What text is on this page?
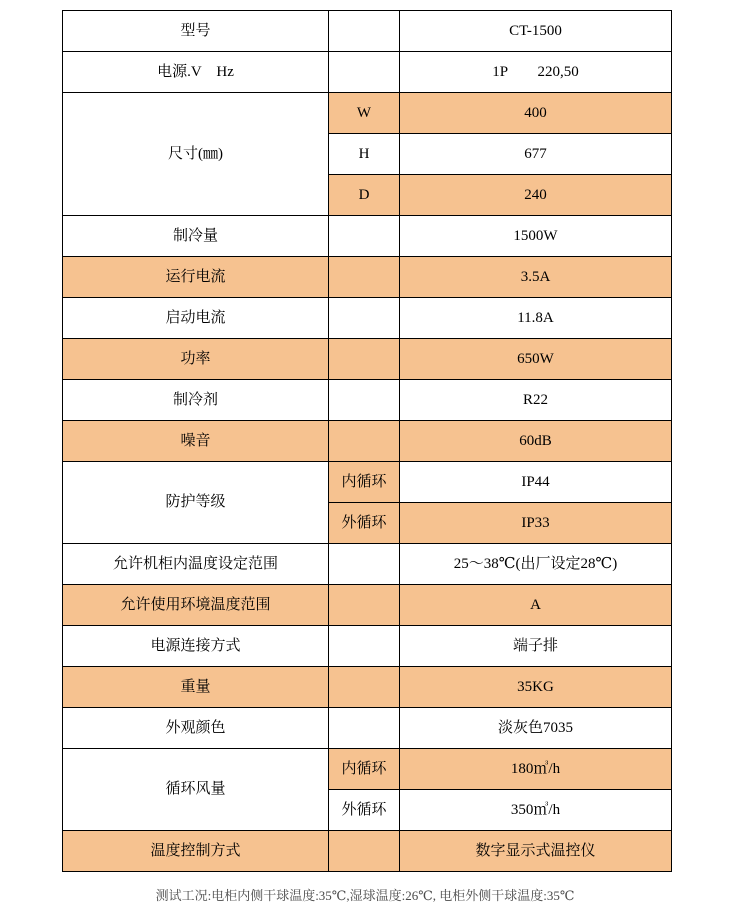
型号		CT-1500
电源.V　Hz		1P　　220,50
尺寸(㎜)	W	400
	H	677
	D	240
制冷量		1500W
运行电流		3.5A
启动电流		11.8A
功率		650W
制冷剂		R22
噪音		60dB
防护等级	内循环	IP44
	外循环	IP33
允许机柜内温度设定范围		25～38℃(出厂设定28℃)
允许使用环境温度范围		A
电源连接方式		端子排
重量		35KG
外观颜色		淡灰色7035
循环风量	内循环	180㎥/h
	外循环	350㎥/h
温度控制方式		数字显示式温控仪

测试工况:电柜内侧干球温度:35℃,湿球温度:26℃, 电柜外侧干球温度:35℃
